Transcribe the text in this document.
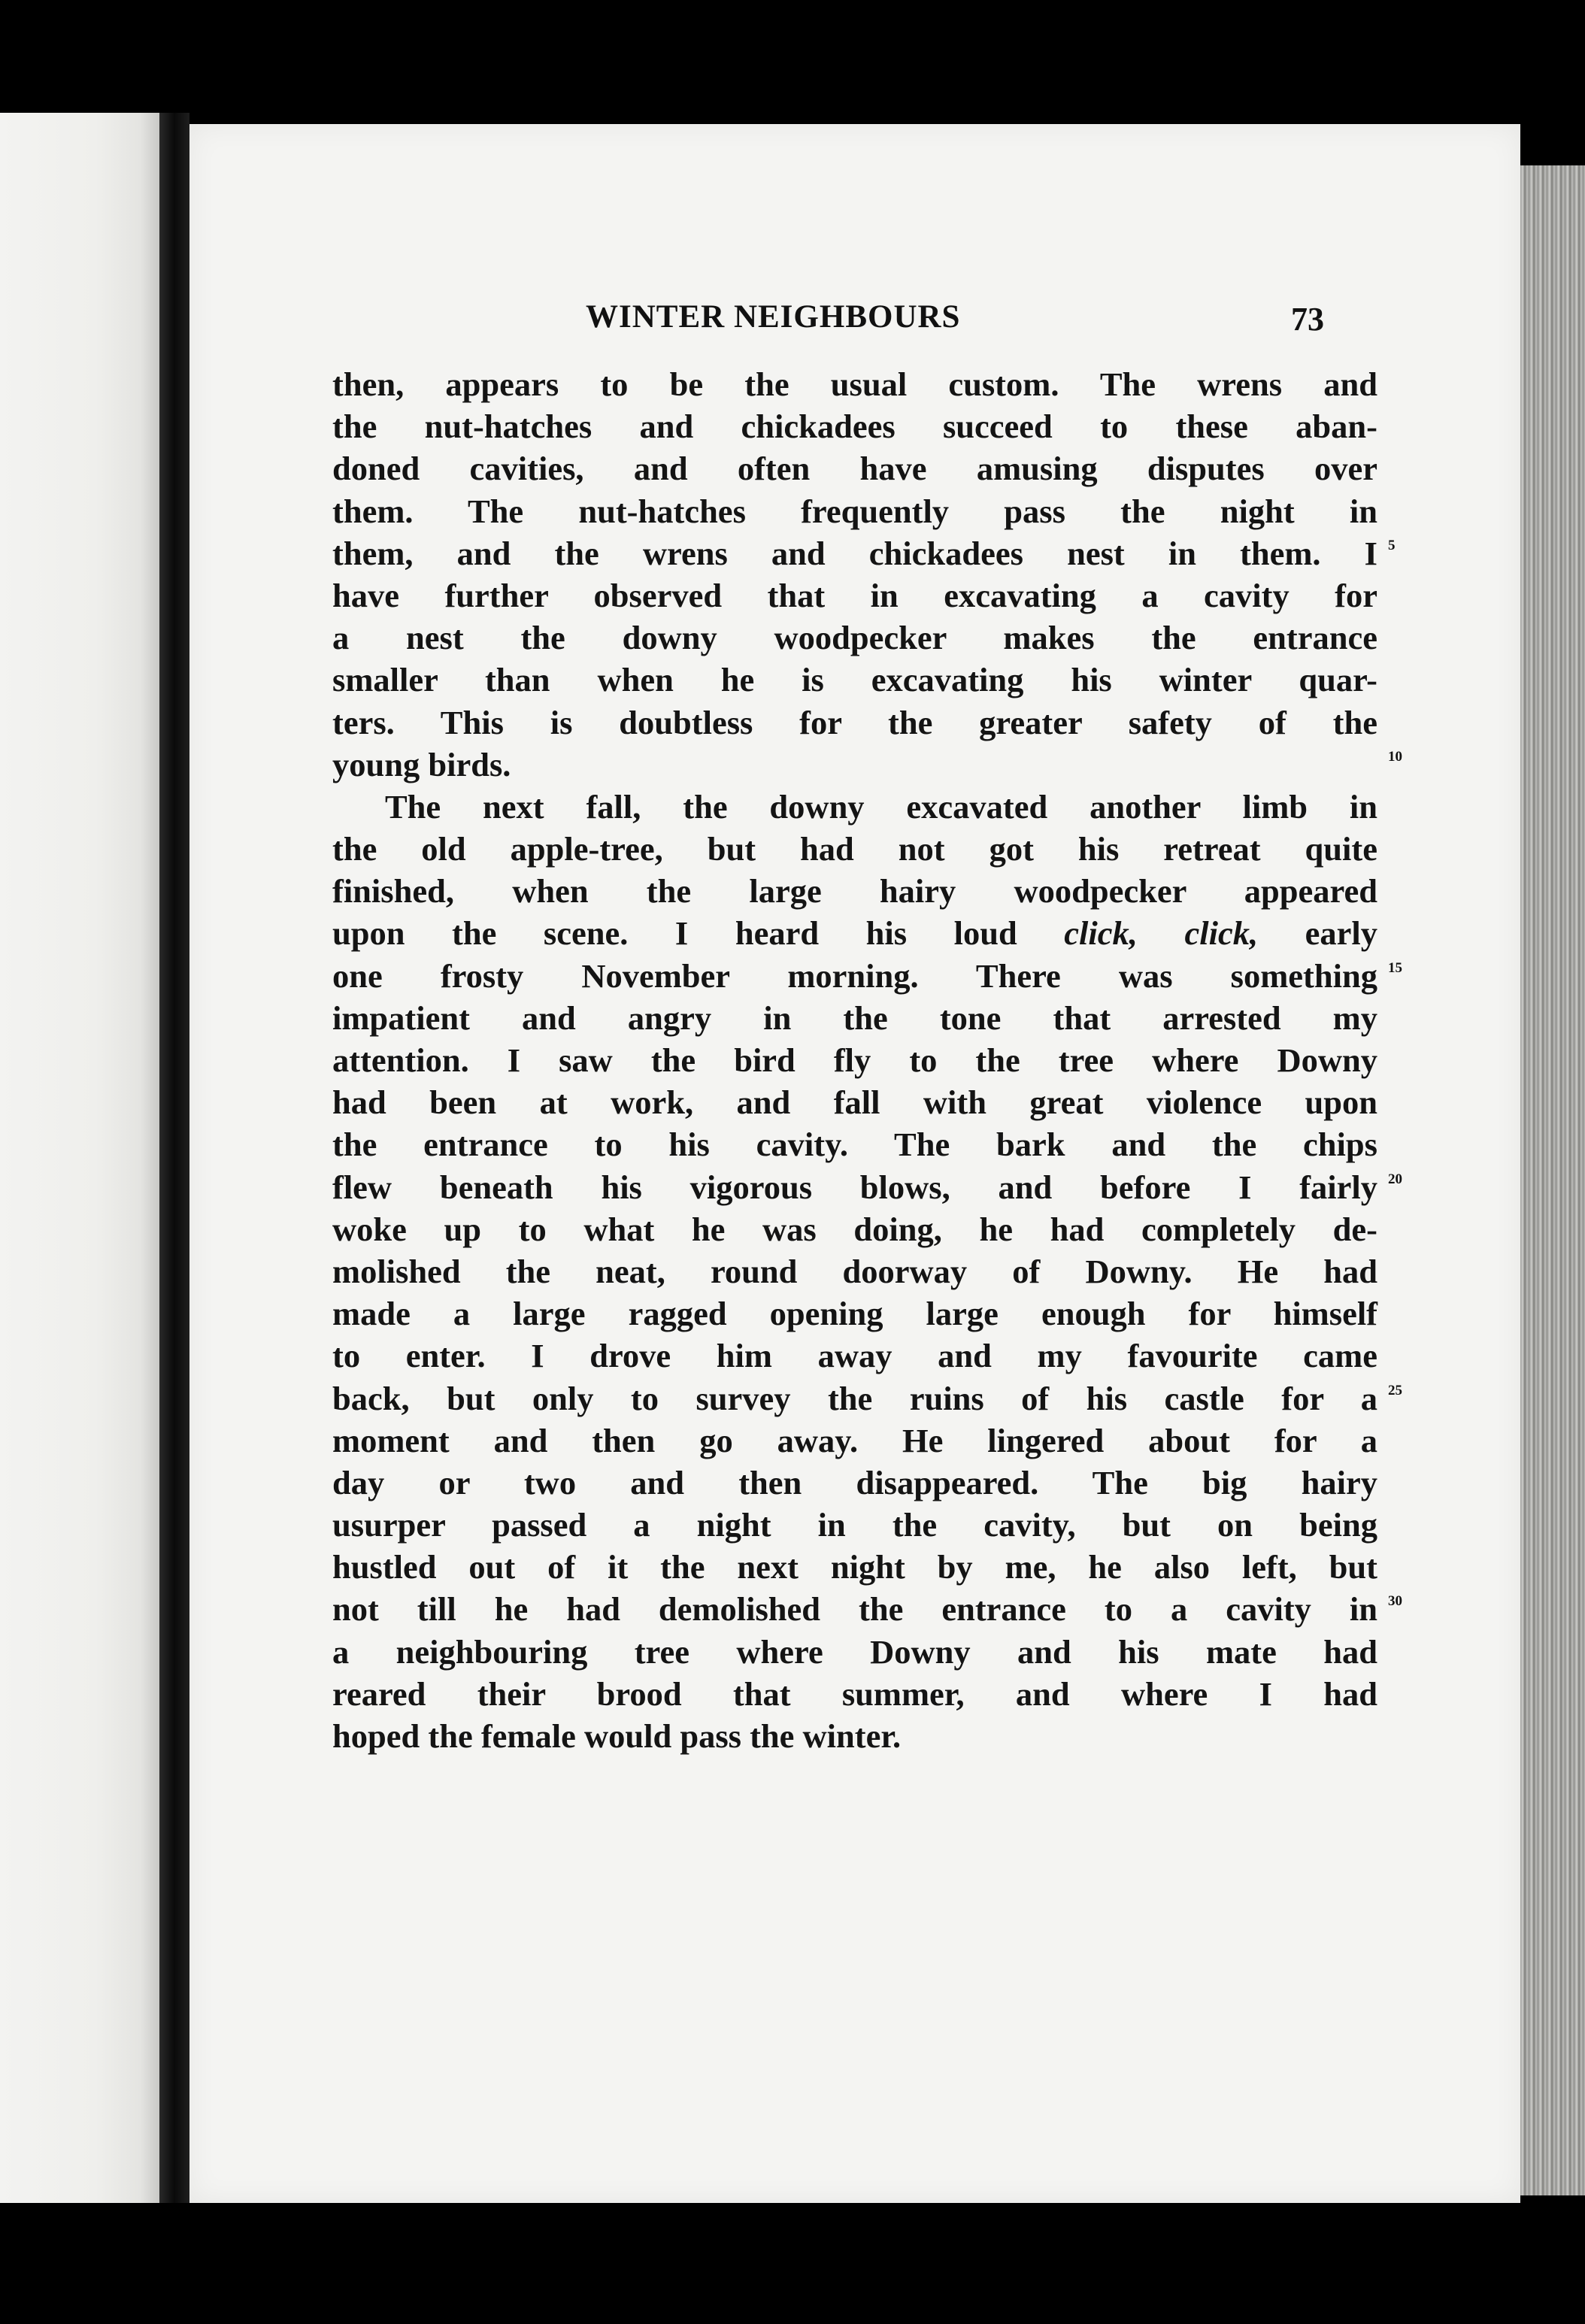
WINTER NEIGHBOURS	73
then, appears to be the usual custom. The wrens and
the nut-hatches and chickadees succeed to these aban-
doned cavities, and often have amusing disputes over
them. The nut-hatches frequently pass the night in
them, and the wrens and chickadees nest in them. I 5
have further observed that in excavating a cavity for
a nest the downy woodpecker makes the entrance
smaller than when he is excavating his winter quar-
ters. This is doubtless for the greater safety of the
young birds.	10
The next fall, the downy excavated another limb in
the old apple-tree, but had not got his retreat quite
finished, when the large hairy woodpecker appeared
upon the scene. I heard his loud click, click, early
one frosty November morning. There was something 15
impatient and angry in the tone that arrested my
attention. I saw the bird fly to the tree where Downy
had been at work, and fall with great violence upon
the entrance to his cavity. The bark and the chips
flew beneath his vigorous blows, and before I fairly 20
woke up to what he was doing, he had completely de-
molished the neat, round doorway of Downy. He had
made a large ragged opening large enough for himself
to enter. I drove him away and my favourite came
back, but only to survey the ruins of his castle for a 25
moment and then go away. He lingered about for a
day or two and then disappeared. The big hairy
usurper passed a night in the cavity, but on being
hustled out of it the next night by me, he also left, but
not till he had demolished the entrance to a cavity in 30
a neighbouring tree where Downy and his mate had
reared their brood that summer, and where I had
hoped the female would pass the winter.
